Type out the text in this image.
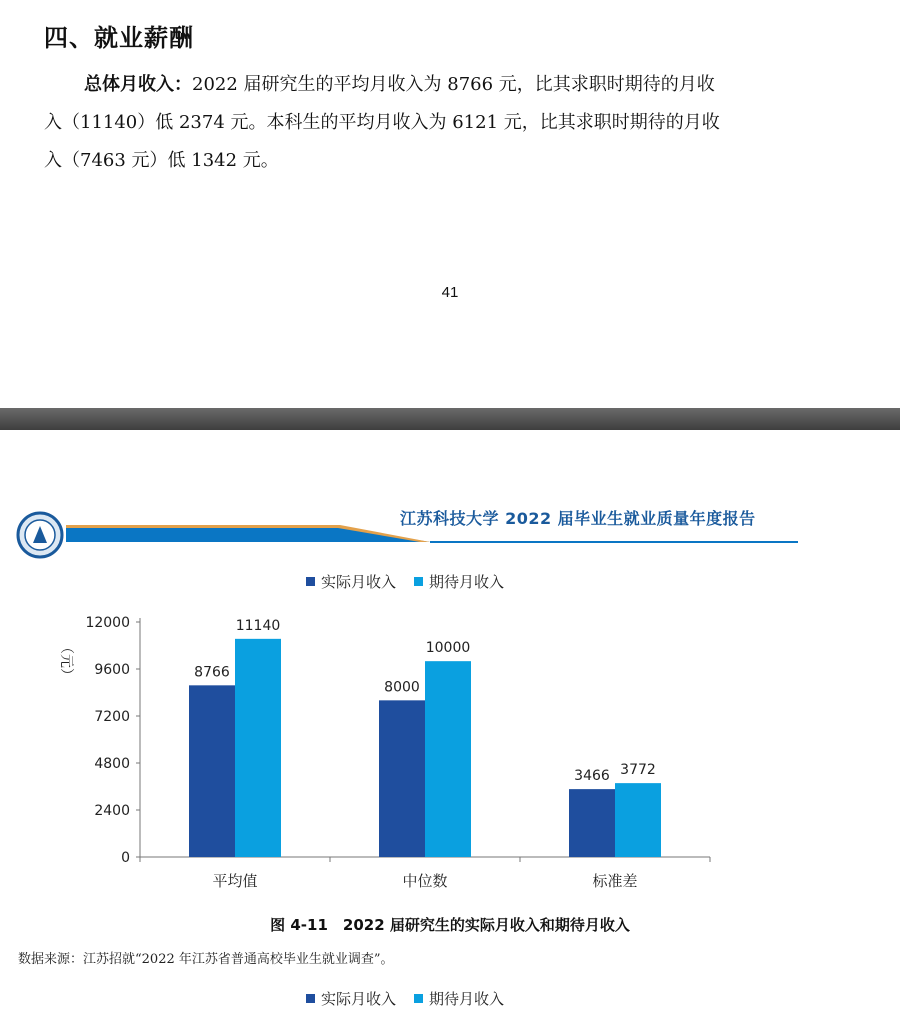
四、就业薪酬
总体月收入：2022 届研究生的平均月收入为 8766 元，比其求职时期待的月收
入（11140）低 2374 元。本科生的平均月收入为 6121 元，比其求职时期待的月收
入（7463 元）低 1342 元。
41
江苏科技大学 2022 届毕业生就业质量年度报告
实际月收入 期待月收入
0
2400
4800
7200
9600
12000
（元）	8766
11140
平均值
8000
10000
中位数
3466 3772
标准差
图 4-11　2022 届研究生的实际月收入和期待月收入
数据来源：江苏招就“2022 年江苏省普通高校毕业生就业调查”。
实际月收入 期待月收入
